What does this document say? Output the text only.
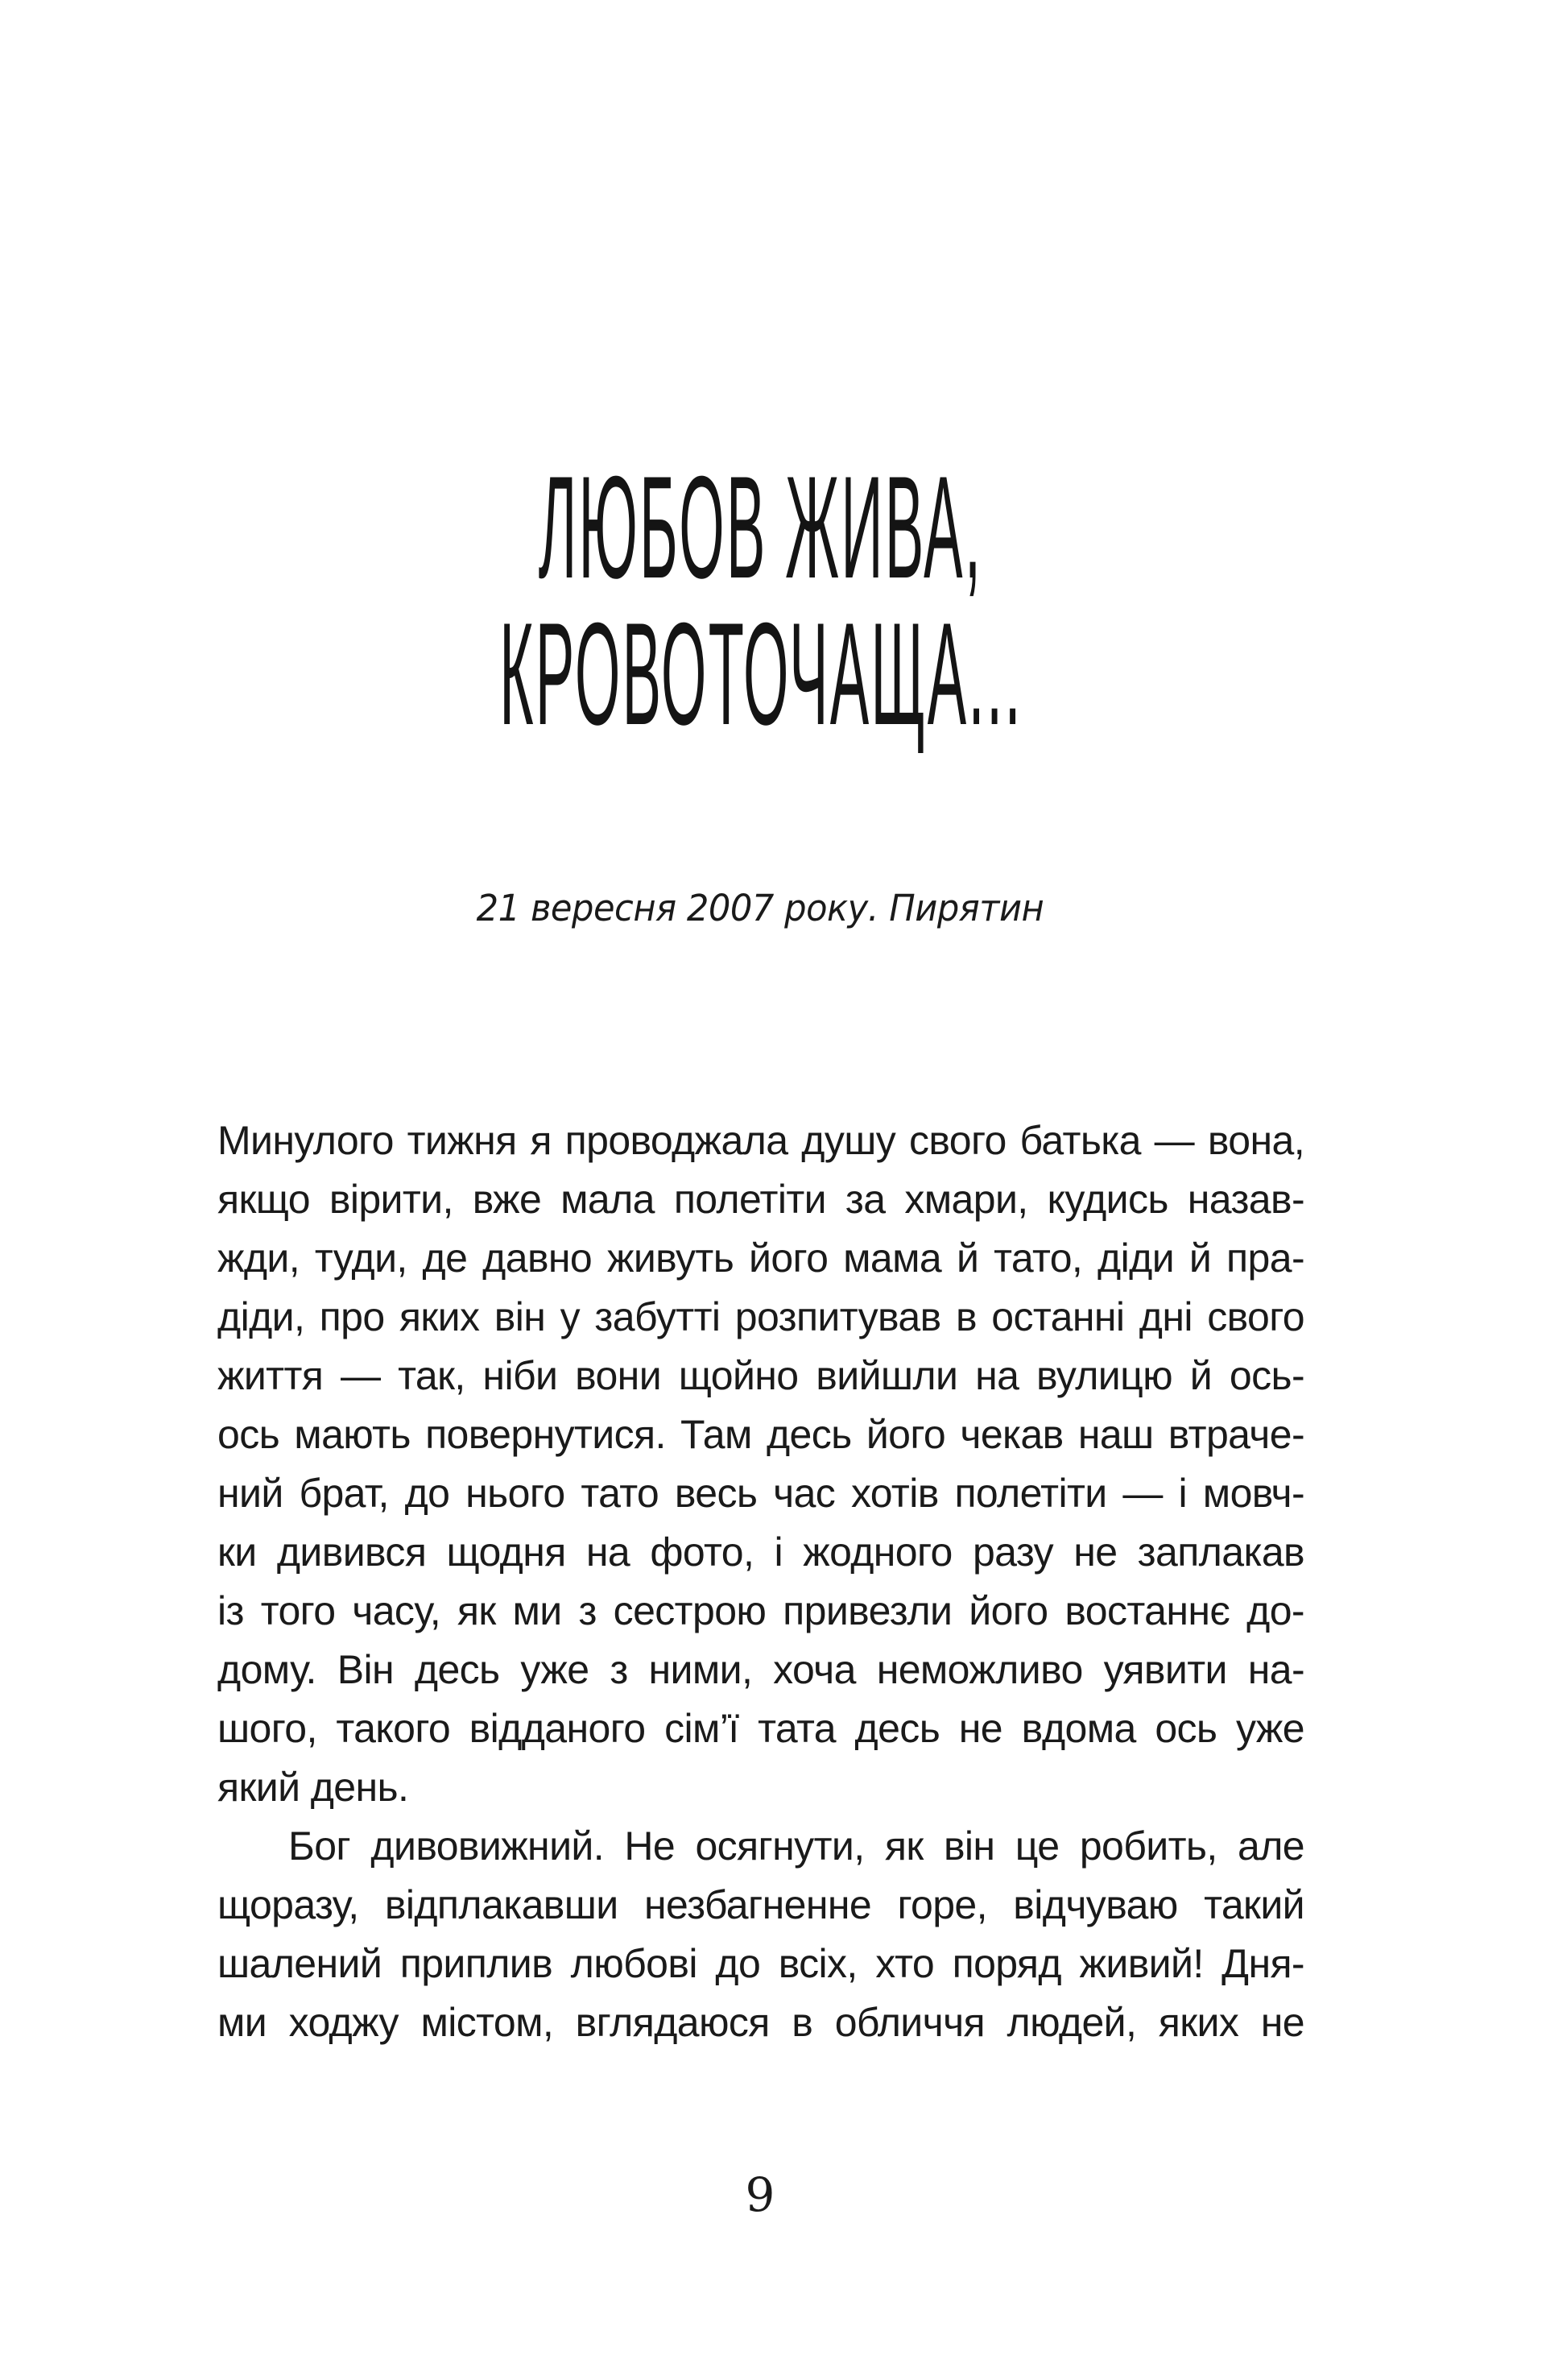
ЛЮБОВ ЖИВА,
КРОВОТОЧАЩА...
21 вересня 2007 року. Пирятин
Минулого тижня я проводжала душу свого батька — вона,
якщо вірити, вже мала полетіти за хмари, кудись назав-
жди, туди, де давно живуть його мама й тато, діди й пра-
діди, про яких він у забутті розпитував в останні дні свого
життя — так, ніби вони щойно вийшли на вулицю й ось-
ось мають повернутися. Там десь його чекав наш втраче-
ний брат, до нього тато весь час хотів полетіти — і мовч-
ки дивився щодня на фото, і жодного разу не заплакав
із того часу, як ми з сестрою привезли його востаннє до-
дому. Він десь уже з ними, хоча неможливо уявити на-
шого, такого відданого сім’ї тата десь не вдома ось уже
який день.
Бог дивовижний. Не осягнути, як він це робить, але
щоразу, відплакавши незбагненне горе, відчуваю такий
шалений приплив любові до всіх, хто поряд живий! Дня-
ми ходжу містом, вглядаюся в обличчя людей, яких не
9
